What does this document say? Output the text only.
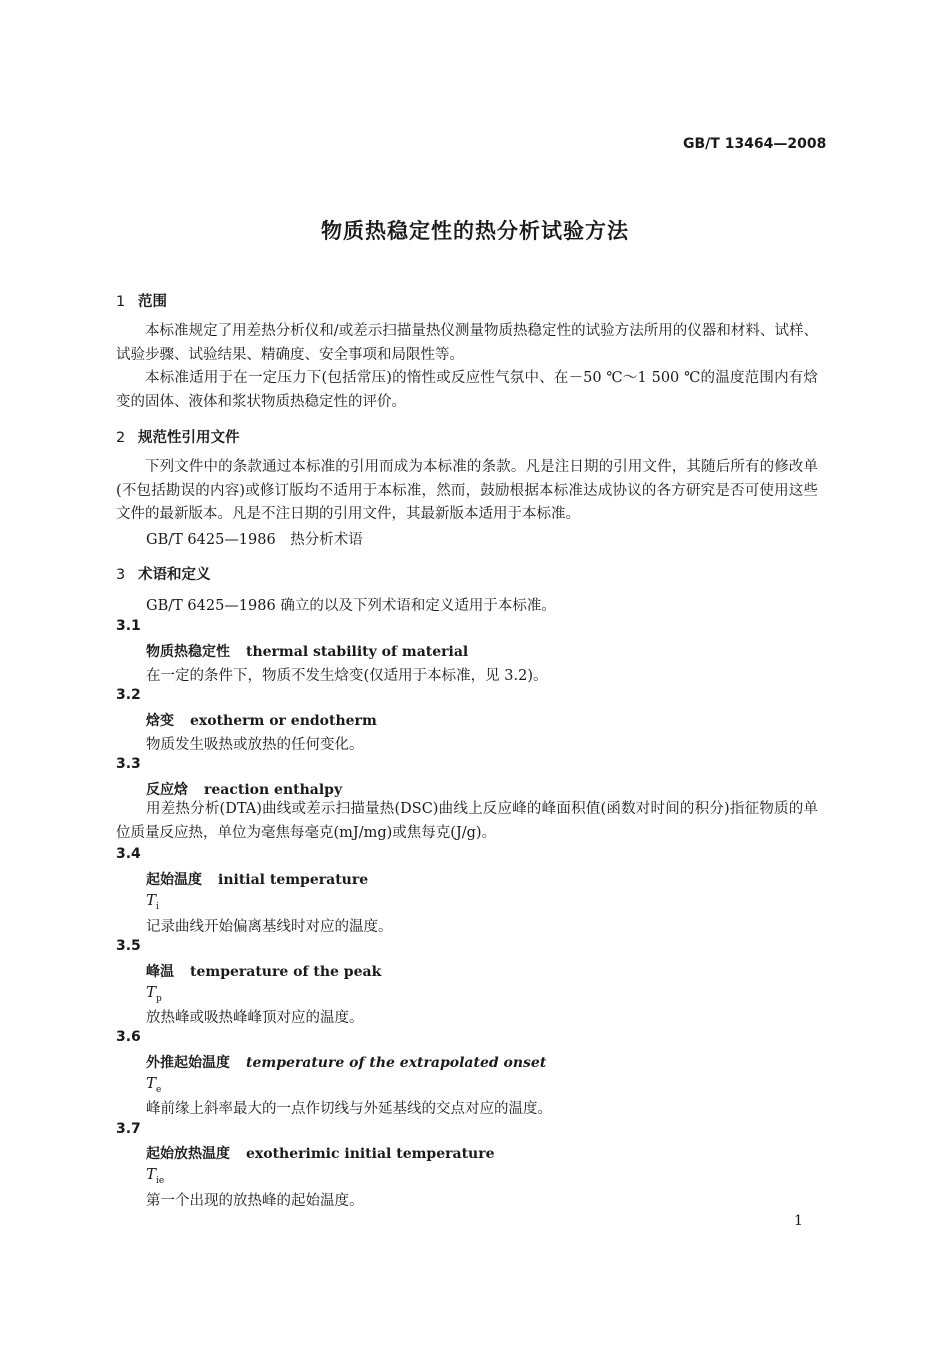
GB/T 13464—2008
物质热稳定性的热分析试验方法
1 范围
本标准规定了用差热分析仪和/或差示扫描量热仪测量物质热稳定性的试验方法所用的仪器和材料、试样、试验步骤、试验结果、精确度、安全事项和局限性等。
本标准适用于在一定压力下(包括常压)的惰性或反应性气氛中、在－50 ℃～1 500 ℃的温度范围内有焓变的固体、液体和浆状物质热稳定性的评价。
2 规范性引用文件
下列文件中的条款通过本标准的引用而成为本标准的条款。凡是注日期的引用文件，其随后所有的修改单(不包括勘误的内容)或修订版均不适用于本标准，然而，鼓励根据本标准达成协议的各方研究是否可使用这些文件的最新版本。凡是不注日期的引用文件，其最新版本适用于本标准。
GB/T 6425—1986　热分析术语
3 术语和定义
GB/T 6425—1986 确立的以及下列术语和定义适用于本标准。
3.1
物质热稳定性 thermal stability of material
在一定的条件下，物质不发生焓变(仅适用于本标准，见 3.2)。
3.2
焓变 exotherm or endotherm
物质发生吸热或放热的任何变化。
3.3
反应焓 reaction enthalpy
用差热分析(DTA)曲线或差示扫描量热(DSC)曲线上反应峰的峰面积值(函数对时间的积分)指征物质的单位质量反应热，单位为毫焦每毫克(mJ/mg)或焦每克(J/g)。
3.4
起始温度 initial temperature
$T_i$
记录曲线开始偏离基线时对应的温度。
3.5
峰温 temperature of the peak
$T_p$
放热峰或吸热峰峰顶对应的温度。
3.6
外推起始温度 temperature of the extrapolated onset
$T_e$
峰前缘上斜率最大的一点作切线与外延基线的交点对应的温度。
3.7
起始放热温度 exotherimic initial temperature
$T_{ie}$
第一个出现的放热峰的起始温度。
1
